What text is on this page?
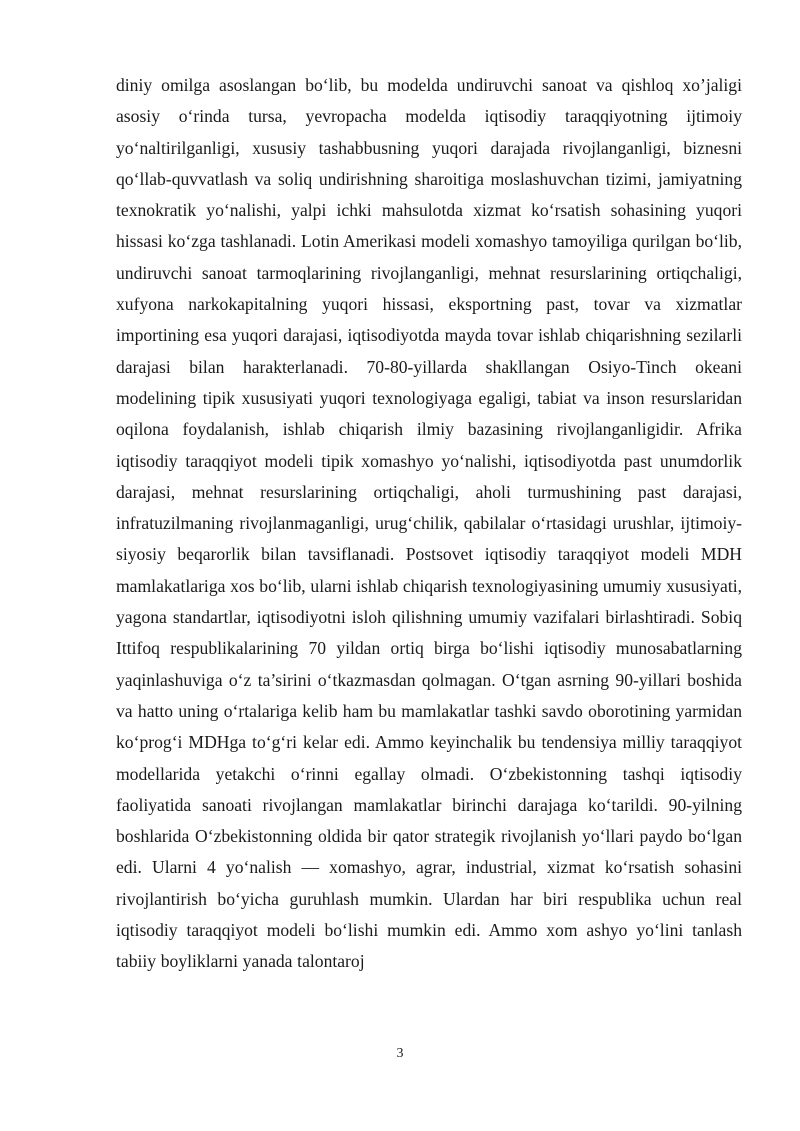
diniy omilga asoslangan bo‘lib, bu modelda undiruvchi sanoat va qishloq xo’jaligi asosiy o‘rinda tursa, yevropacha modelda iqtisodiy taraqqiyotning ijtimoiy yo‘naltirilganligi, xususiy tashabbusning yuqori darajada rivojlanganligi, biznesni qo‘llab-quvvatlash va soliq undirishning sharoitiga moslashuvchan tizimi, jamiyatning texnokratik yo‘nalishi, yalpi ichki mahsulotda xizmat ko‘rsatish sohasining yuqori hissasi ko‘zga tashlanadi. Lotin Amerikasi modeli xomashyo tamoyiliga qurilgan bo‘lib, undiruvchi sanoat tarmoqlarining rivojlanganligi, mehnat resurslarining ortiqchaligi, xufyona narkokapitalning yuqori hissasi, eksportning past, tovar va xizmatlar importining esa yuqori darajasi, iqtisodiyotda mayda tovar ishlab chiqarishning sezilarli darajasi bilan harakterlanadi. 70-80-yillarda shakllangan Osiyo-Tinch okeani modelining tipik xususiyati yuqori texnologiyaga egaligi, tabiat va inson resurslaridan oqilona foydalanish, ishlab chiqarish ilmiy bazasining rivojlanganligidir. Afrika iqtisodiy taraqqiyot modeli tipik xomashyo yo‘nalishi, iqtisodiyotda past unumdorlik darajasi, mehnat resurslarining ortiqchaligi, aholi turmushining past darajasi, infratuzilmaning rivojlanmaganligi, urug‘chilik, qabilalar o‘rtasidagi urushlar, ijtimoiy-siyosiy beqarorlik bilan tavsiflanadi. Postsovet iqtisodiy taraqqiyot modeli MDH mamlakatlariga xos bo‘lib, ularni ishlab chiqarish texnologiyasining umumiy xususiyati, yagona standartlar, iqtisodiyotni isloh qilishning umumiy vazifalari birlashtiradi. Sobiq Ittifoq respublikalarining 70 yildan ortiq birga bo‘lishi iqtisodiy munosabatlarning yaqinlashuviga o‘z ta’sirini o‘tkazmasdan qolmagan. O‘tgan asrning 90-yillari boshida va hatto uning o‘rtalariga kelib ham bu mamlakatlar tashki savdo oborotining yarmidan ko‘prog‘i MDHga to‘g‘ri kelar edi. Ammo keyinchalik bu tendensiya milliy taraqqiyot modellarida yetakchi o‘rinni egallay olmadi. O‘zbekistonning tashqi iqtisodiy faoliyatida sanoati rivojlangan mamlakatlar birinchi darajaga ko‘tarildi. 90-yilning boshlarida O‘zbekistonning oldida bir qator strategik rivojlanish yo‘llari paydo bo‘lgan edi. Ularni 4 yo‘nalish — xomashyo, agrar, industrial, xizmat ko‘rsatish sohasini rivojlantirish bo‘yicha guruhlash mumkin. Ulardan har biri respublika uchun real iqtisodiy taraqqiyot modeli bo‘lishi mumkin edi. Ammo xom ashyo yo‘lini tanlash tabiiy boyliklarni yanada talontaroj

3
